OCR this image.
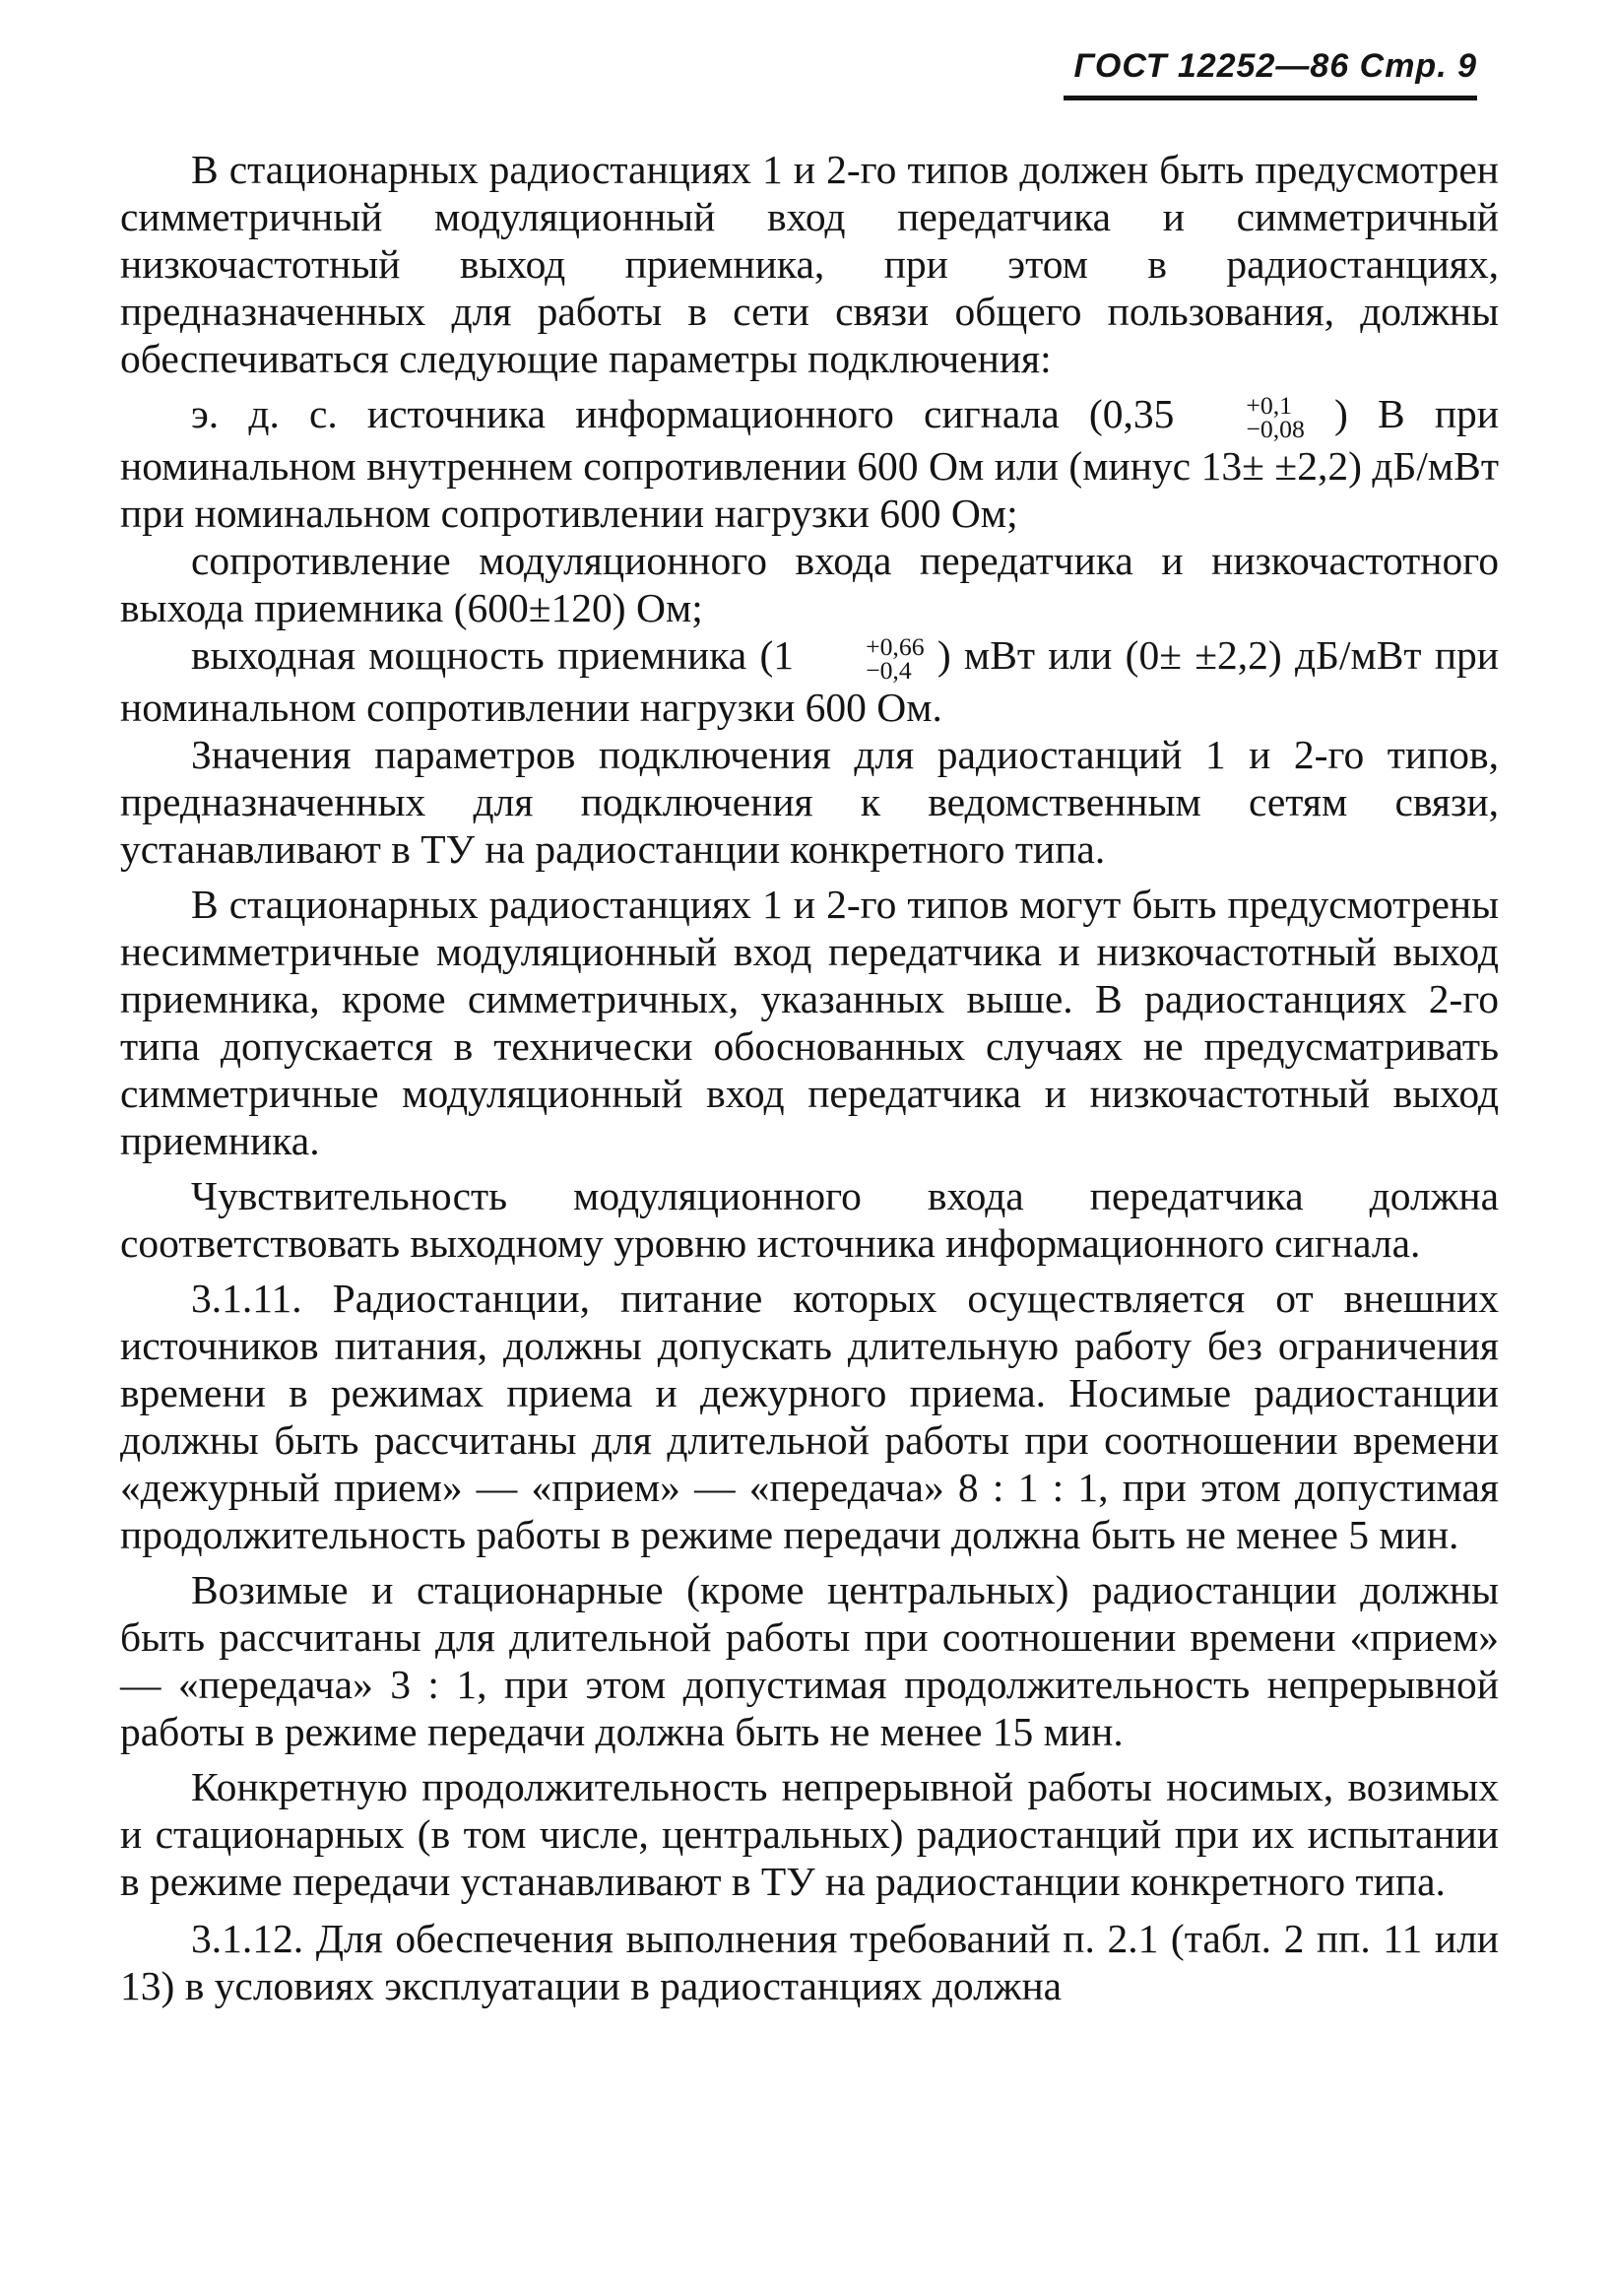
ГОСТ 12252—86 Стр. 9

В стационарных радиостанциях 1 и 2-го типов должен быть предусмотрен симметричный модуляционный вход передатчика и симметричный низкочастотный выход приемника, при этом в радиостанциях, предназначенных для работы в сети связи общего пользования, должны обеспечиваться следующие параметры подключения:

э. д. с. источника информационного сигнала (0,35	+0,1
−0,08 ) В при номинальном внутреннем сопротивлении 600 Ом или (минус 13± ±2,2) дБ/мВт при номинальном сопротивлении нагрузки 600 Ом;

сопротивление модуляционного входа передатчика и низкочастотного выхода приемника (600±120) Ом;

выходная мощность приемника (1	+0,66
−0,4 ) мВт или (0± ±2,2) дБ/мВт при номинальном сопротивлении нагрузки 600 Ом.

Значения параметров подключения для радиостанций 1 и 2-го типов, предназначенных для подключения к ведомственным сетям связи, устанавливают в ТУ на радиостанции конкретного типа.

В стационарных радиостанциях 1 и 2-го типов могут быть предусмотрены несимметричные модуляционный вход передатчика и низкочастотный выход приемника, кроме симметричных, указанных выше. В радиостанциях 2-го типа допускается в технически обоснованных случаях не предусматривать симметричные модуляционный вход передатчика и низкочастотный выход приемника.

Чувствительность модуляционного входа передатчика должна соответствовать выходному уровню источника информационного сигнала.

3.1.11. Радиостанции, питание которых осуществляется от внешних источников питания, должны допускать длительную работу без ограничения времени в режимах приема и дежурного приема. Носимые радиостанции должны быть рассчитаны для длительной работы при соотношении времени «дежурный прием» — «прием» — «передача» 8 : 1 : 1, при этом допустимая продолжительность работы в режиме передачи должна быть не менее 5 мин.

Возимые и стационарные (кроме центральных) радиостанции должны быть рассчитаны для длительной работы при соотношении времени «прием» — «передача» 3 : 1, при этом допустимая продолжительность непрерывной работы в режиме передачи должна быть не менее 15 мин.

Конкретную продолжительность непрерывной работы носимых, возимых и стационарных (в том числе, центральных) радиостанций при их испытании в режиме передачи устанавливают в ТУ на радиостанции конкретного типа.

3.1.12. Для обеспечения выполнения требований п. 2.1 (табл. 2 пп. 11 или 13) в условиях эксплуатации в радиостанциях должна
